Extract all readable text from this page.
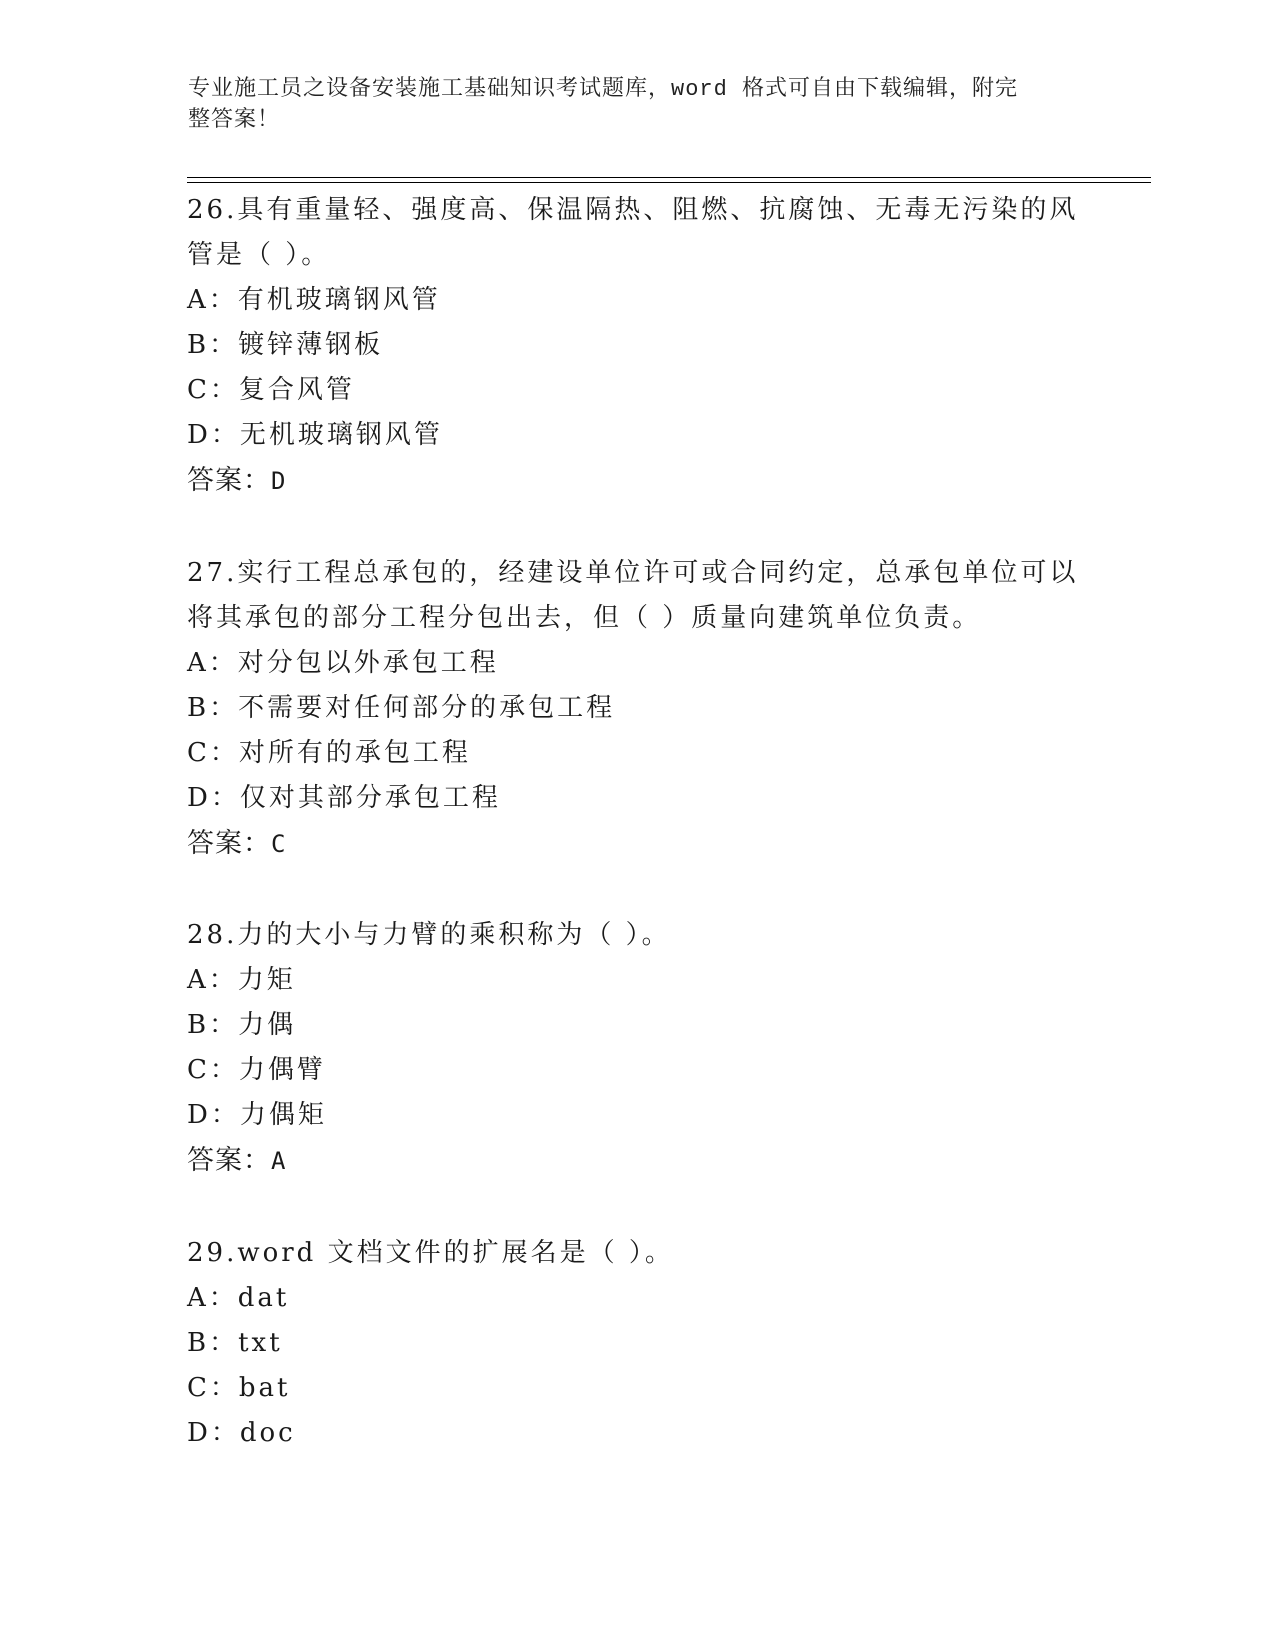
专业施工员之设备安装施工基础知识考试题库，word 格式可自由下载编辑，附完
整答案！

26.具有重量轻、强度高、保温隔热、阻燃、抗腐蚀、无毒无污染的风

管是（ ）。

A：有机玻璃钢风管

B：镀锌薄钢板

C：复合风管

D：无机玻璃钢风管

答案：D

27.实行工程总承包的，经建设单位许可或合同约定，总承包单位可以

将其承包的部分工程分包出去，但（ ）质量向建筑单位负责。

A：对分包以外承包工程

B：不需要对任何部分的承包工程

C：对所有的承包工程

D：仅对其部分承包工程

答案：C

28.力的大小与力臂的乘积称为（ ）。

A：力矩

B：力偶

C：力偶臂

D：力偶矩

答案：A

29.word 文档文件的扩展名是（ ）。

A：dat

B：txt

C：bat

D：doc
